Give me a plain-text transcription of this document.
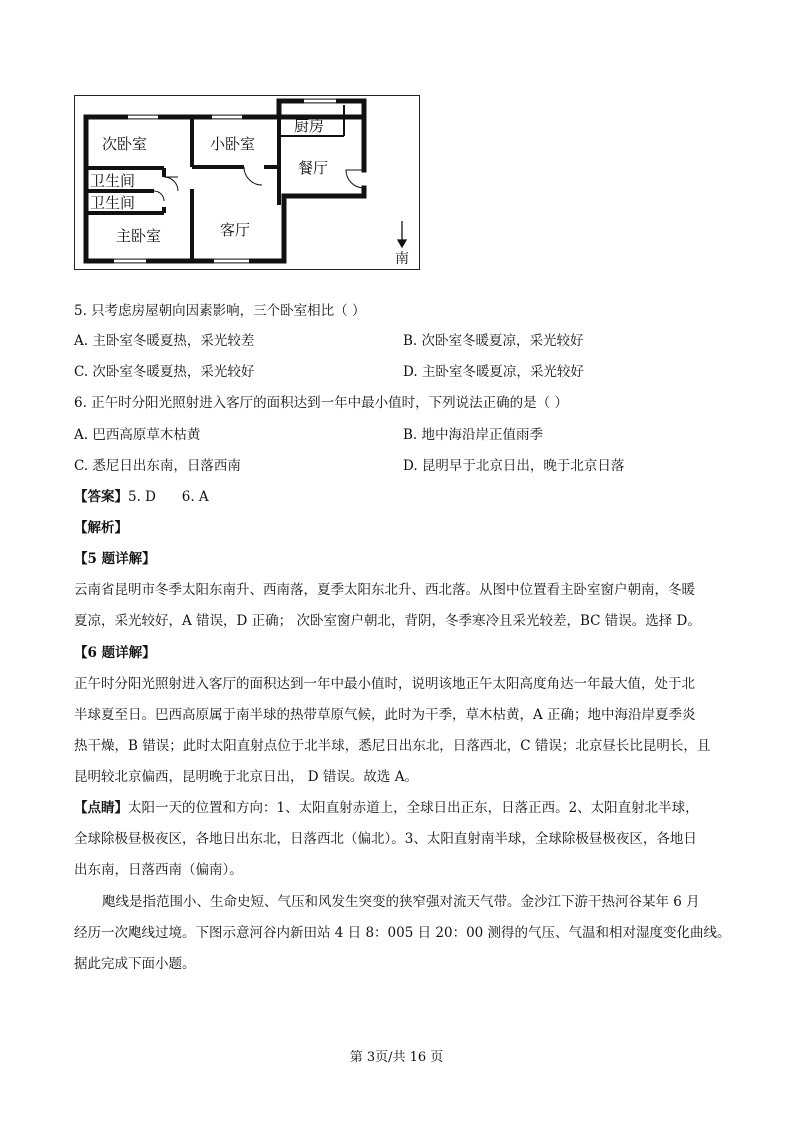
次卧室	小卧室
厨房
餐厅
卫生间
卫生间
主卧室	客厅
南
5. 只考虑房屋朝向因素影响，三个卧室相比（ ）
A. 主卧室冬暖夏热，采光较差	B. 次卧室冬暖夏凉，采光较好
C. 次卧室冬暖夏热，采光较好	D. 主卧室冬暖夏凉，采光较好
6. 正午时分阳光照射进入客厅的面积达到一年中最小值时，下列说法正确的是（ ）
A. 巴西高原草木枯黄	B. 地中海沿岸正值雨季
C. 悉尼日出东南，日落西南	D. 昆明早于北京日出，晚于北京日落
【答案】5. D      6. A
【解析】
【5 题详解】
云南省昆明市冬季太阳东南升、西南落，夏季太阳东北升、西北落。从图中位置看主卧室窗户朝南，冬暖
夏凉，采光较好，A 错误，D 正确； 次卧室窗户朝北，背阴，冬季寒冷且采光较差，BC 错误。选择 D。
【6 题详解】
正午时分阳光照射进入客厅的面积达到一年中最小值时，说明该地正午太阳高度角达一年最大值，处于北
半球夏至日。巴西高原属于南半球的热带草原气候，此时为干季，草木枯黄，A 正确；地中海沿岸夏季炎
热干燥，B 错误；此时太阳直射点位于北半球，悉尼日出东北，日落西北，C 错误；北京昼长比昆明长，且
昆明较北京偏西，昆明晚于北京日出， D 错误。故选 A。
【点睛】太阳一天的位置和方向：1、太阳直射赤道上，全球日出正东，日落正西。2、太阳直射北半球，
全球除极昼极夜区，各地日出东北，日落西北（偏北）。3、太阳直射南半球，全球除极昼极夜区，各地日
出东南，日落西南（偏南）。
飑线是指范围小、生命史短、气压和风发生突变的狭窄强对流天气带。金沙江下游干热河谷某年 6 月
经历一次飑线过境。下图示意河谷内新田站 4 日 8：005 日 20：00 测得的气压、气温和相对湿度变化曲线。
据此完成下面小题。
第 3页/共 16 页
